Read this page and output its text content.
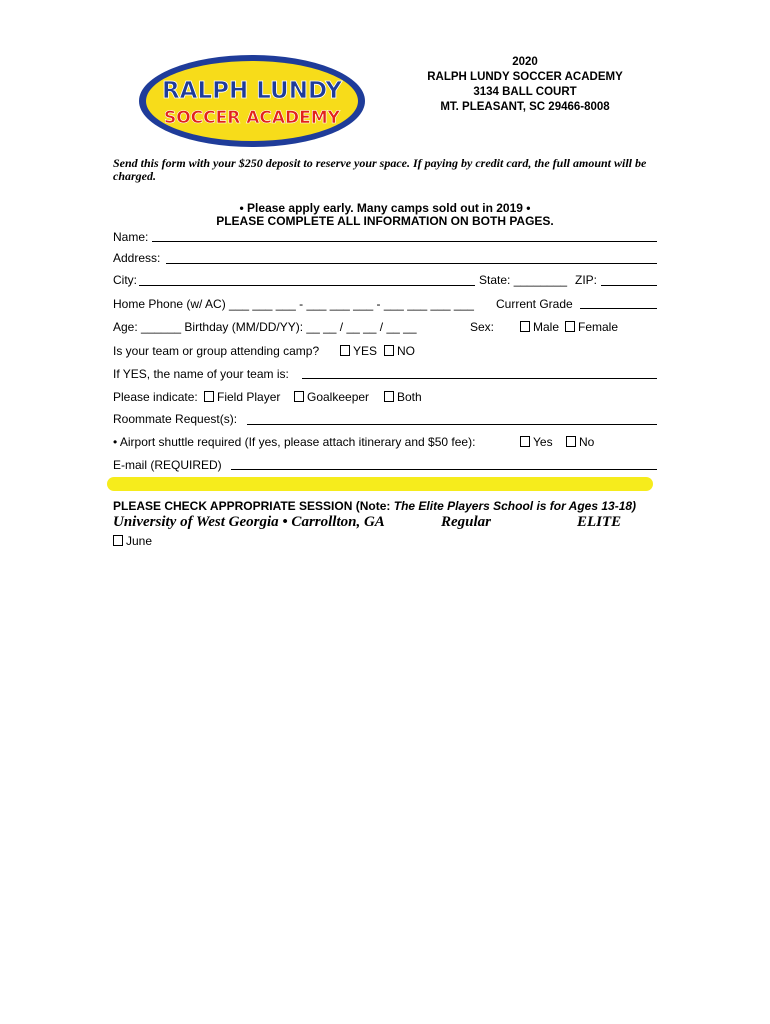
RALPH LUNDY
SOCCER ACADEMY
2020
RALPH LUNDY SOCCER ACADEMY
3134 BALL COURT
MT. PLEASANT, SC 29466-8008
Send this form with your $250 deposit to reserve your space. If paying by credit card, the full amount will be charged.
• Please apply early. Many camps sold out in 2019 •
PLEASE COMPLETE ALL INFORMATION ON BOTH PAGES.
Name:
Address:
City:	State: ________ ZIP:
Home Phone (w/ AC) ___ ___ ___ - ___ ___ ___ - ___ ___ ___ ___ Current Grade
Age: ______ Birthday (MM/DD/YY): __ __ / __ __ / __ __	Sex:	Male	Female
Is your team or group attending camp?	YES	NO
If YES, the name of your team is:
Please indicate:	Field Player	Goalkeeper	Both
Roommate Request(s):
• Airport shuttle required (If yes, please attach itinerary and $50 fee):	Yes	No
E-mail (REQUIRED)
PLEASE CHECK APPROPRIATE SESSION (Note: The Elite Players School is for Ages 13-18)
University of West Georgia • Carrollton, GA	Regular	ELITE
June
